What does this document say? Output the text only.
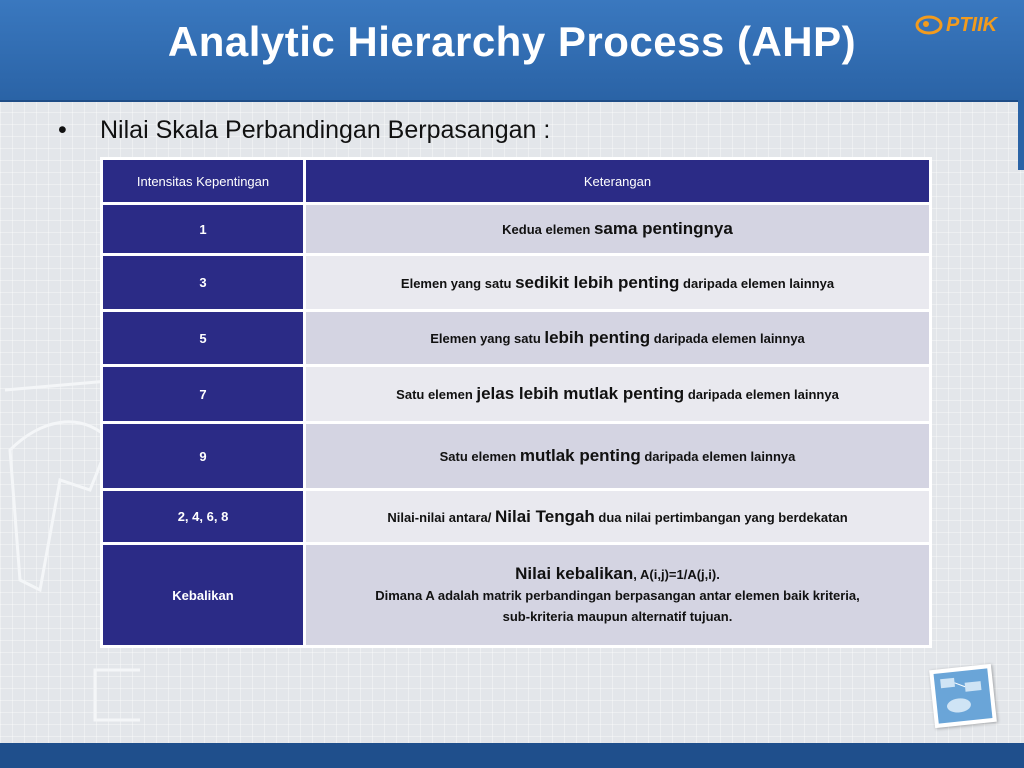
Analytic Hierarchy Process (AHP)	PTIIK
•	Nilai Skala Perbandingan Berpasangan :
Intensitas Kepentingan	Keterangan
1	Kedua elemen sama pentingnya
3	Elemen yang satu sedikit lebih penting daripada elemen lainnya
5	Elemen yang satu lebih penting daripada elemen lainnya
7	Satu elemen jelas lebih mutlak penting daripada elemen lainnya
9	Satu elemen mutlak penting daripada elemen lainnya
2, 4, 6, 8	Nilai-nilai antara/ Nilai Tengah dua nilai pertimbangan yang berdekatan
Kebalikan	Nilai kebalikan, A(i,j)=1/A(j,i).
Dimana A adalah matrik perbandingan berpasangan antar elemen baik kriteria,
sub-kriteria maupun alternatif tujuan.
